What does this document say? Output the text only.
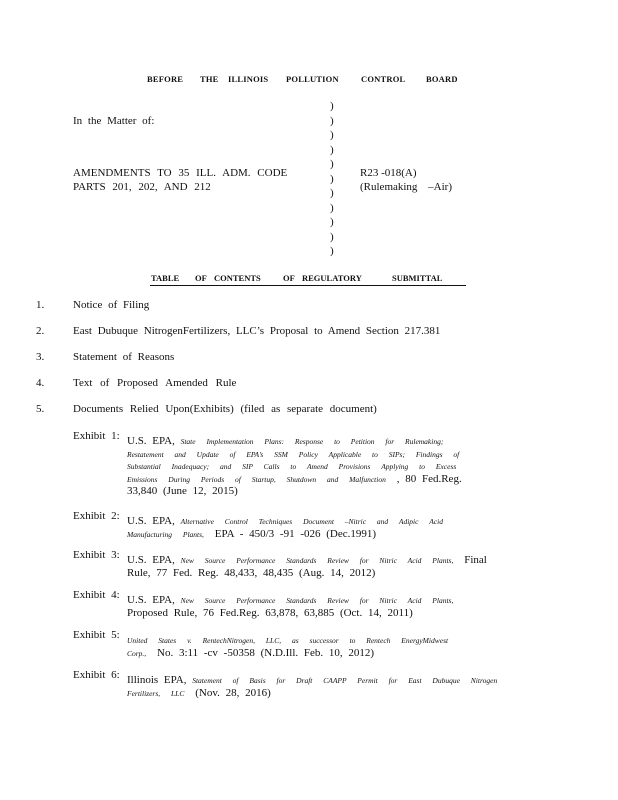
BEFORE THE ILLINOIS POLLUTION	CONTROL BOARD
In the Matter of:
AMENDMENTS TO 35 ILL. ADM. CODE
PARTS 201, 202, AND 212
R23 -018(A)
(Rulemaking –Air)
)
)
)
)
)
)
)
)
)
)
)
TABLE OF CONTENTS	OF REGULATORY	SUBMITTAL
1.	Notice of Filing
2.	East Dubuque NitrogenFertilizers, LLC’s Proposal to Amend Section 217.381
3.	Statement of Reasons
4.	Text of Proposed Amended Rule
5.	Documents Relied Upon(Exhibits) (filed as separate document)
Exhibit 1: U.S. EPA, State Implementation Plans: Response to Petition for Rulemaking;
Restatement and Update of EPA’s SSM Policy Applicable to SIPs; Findings of
Substantial Inadequacy; and SIP Calls to Amend Provisions Applying to Excess
Emissions During Periods of Startup, Shutdown and Malfunction , 80 Fed.Reg.
33,840 (June 12, 2015)
Exhibit 2: U.S. EPA, Alternative Control Techniques Document –Nitric and Adipic Acid
Manufacturing Plants, EPA - 450/3 -91 -026 (Dec.1991)
Exhibit 3: U.S. EPA, New Source Performance Standards Review for Nitric Acid Plants, Final
Rule, 77 Fed. Reg. 48,433, 48,435 (Aug. 14, 2012)
Exhibit 4: U.S. EPA, New Source Performance Standards Review for Nitric Acid Plants,
Proposed Rule, 76 Fed.Reg. 63,878, 63,885 (Oct. 14, 2011)
Exhibit 5: United States v. RentechNitrogen, LLC, as successor to Rentech EnergyMidwest
Corp., No. 3:11 -cv -50358 (N.D.Ill. Feb. 10, 2012)
Exhibit 6: Illinois EPA, Statement of Basis for Draft CAAPP Permit for East Dubuque Nitrogen
Fertilizers, LLC (Nov. 28, 2016)
